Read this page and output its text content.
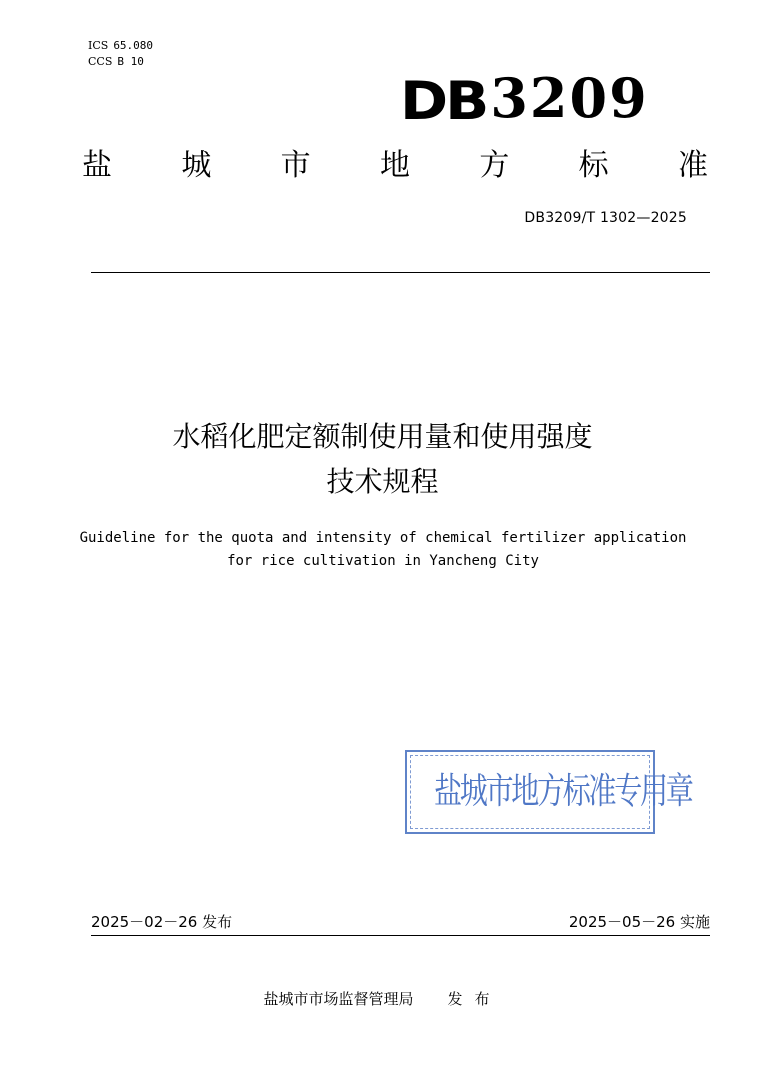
ICS 65.080
CCS B 10
DB 3209
盐 城 市 地 方 标 准
DB3209/T 1302—2025
水稻化肥定额制使用量和使用强度
技术规程
Guideline for the quota and intensity of chemical fertilizer application
for rice cultivation in Yancheng City
盐城市地方标准专用章
2025－02－26 发布	2025－05－26 实施
盐城市市场监督管理局 发布
